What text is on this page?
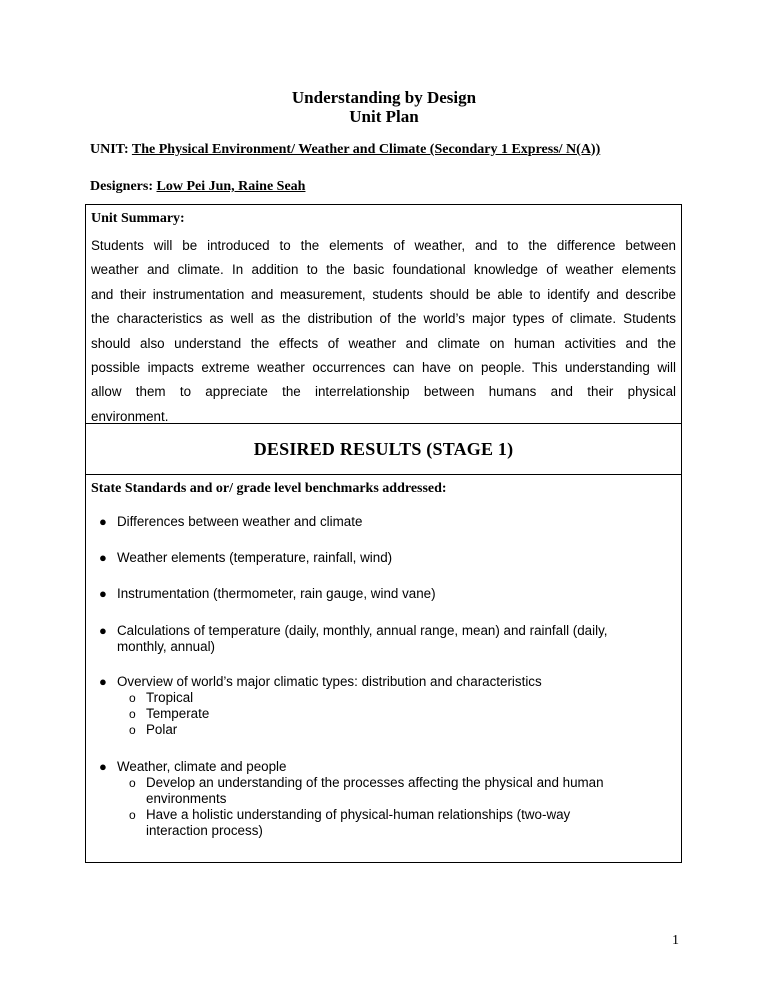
Understanding by Design
Unit Plan
UNIT: The Physical Environment/ Weather and Climate (Secondary 1 Express/ N(A))
Designers: Low Pei Jun, Raine Seah
Unit Summary:
Students will be introduced to the elements of weather, and to the difference between
weather and climate. In addition to the basic foundational knowledge of weather elements
and their instrumentation and measurement, students should be able to identify and describe
the characteristics as well as the distribution of the world’s major types of climate. Students
should also understand the effects of weather and climate on human activities and the
possible impacts extreme weather occurrences can have on people. This understanding will
allow them to appreciate the interrelationship between humans and their physical
environment.
DESIRED RESULTS (STAGE 1)
State Standards and or/ grade level benchmarks addressed:
● Differences between weather and climate
● Weather elements (temperature, rainfall, wind)
● Instrumentation (thermometer, rain gauge, wind vane)
● Calculations of temperature (daily, monthly, annual range, mean) and rainfall (daily,
monthly, annual)
● Overview of world’s major climatic types: distribution and characteristics
o Tropical
o Temperate
o Polar
● Weather, climate and people
o Develop an understanding of the processes affecting the physical and human
environments
o Have a holistic understanding of physical-human relationships (two-way
interaction process)
1
